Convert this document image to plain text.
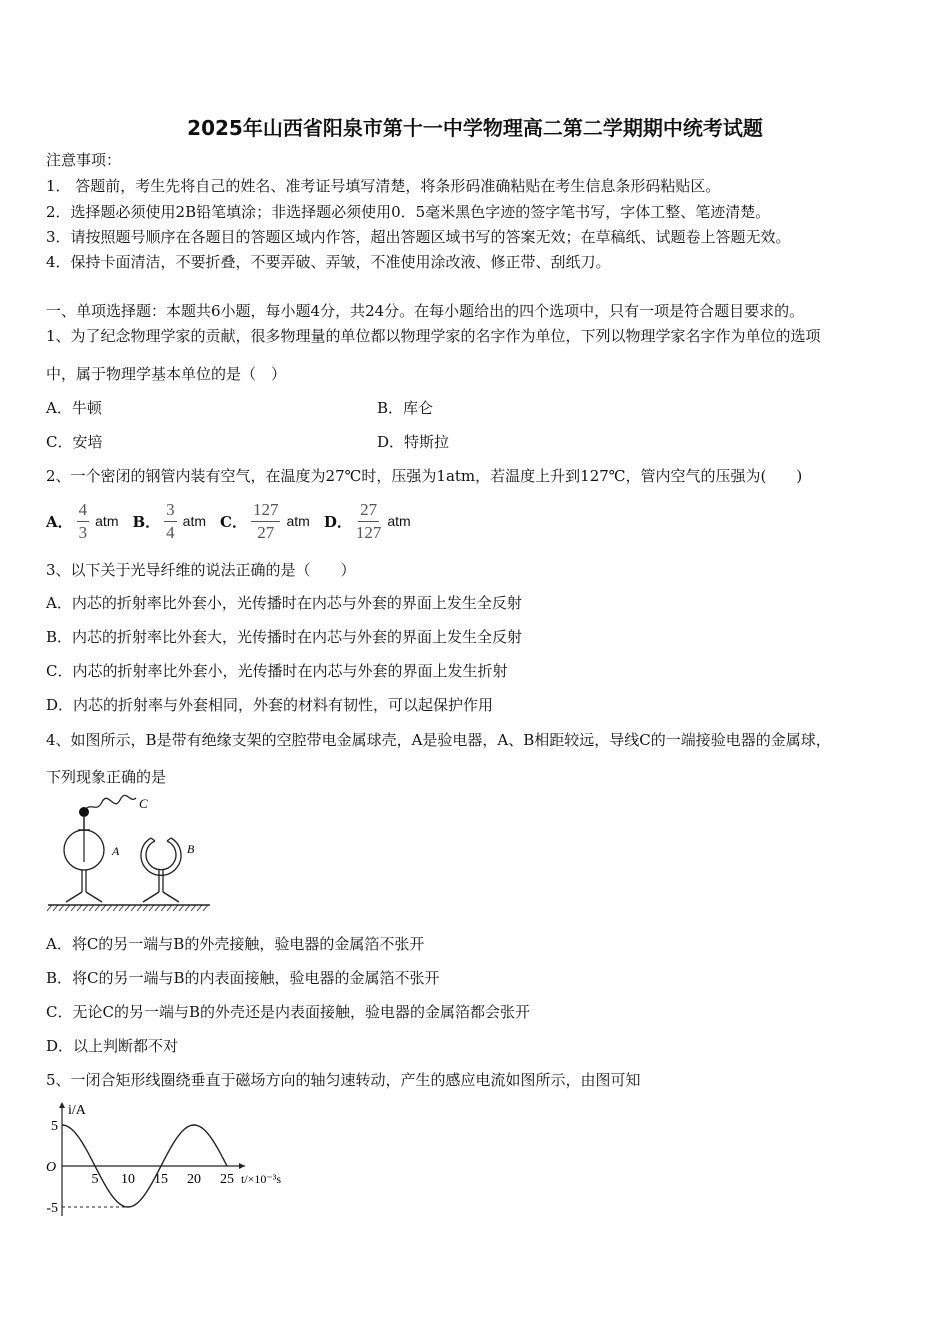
2025年山西省阳泉市第十一中学物理高二第二学期期中统考试题
注意事项：
1． 答题前，考生先将自己的姓名、准考证号填写清楚，将条形码准确粘贴在考生信息条形码粘贴区。
2．选择题必须使用2B铅笔填涂；非选择题必须使用0．5毫米黑色字迹的签字笔书写，字体工整、笔迹清楚。
3．请按照题号顺序在各题目的答题区域内作答，超出答题区域书写的答案无效；在草稿纸、试题卷上答题无效。
4．保持卡面清洁，不要折叠，不要弄破、弄皱，不准使用涂改液、修正带、刮纸刀。
一、单项选择题：本题共6小题，每小题4分，共24分。在每小题给出的四个选项中，只有一项是符合题目要求的。
1、为了纪念物理学家的贡献，很多物理量的单位都以物理学家的名字作为单位，下列以物理学家名字作为单位的选项
中，属于物理学基本单位的是（　）
A．牛顿	B．库仑
C．安培	D．特斯拉
2、一个密闭的钢管内装有空气，在温度为27℃时，压强为1atm，若温度上升到127℃，管内空气的压强为(　　)
A． $\frac{4}{3}$ atm B． $\frac{3}{4}$ atm C． $\frac{127}{27}$ atm D． $\frac{27}{127}$ atm
3、以下关于光导纤维的说法正确的是（　　）
A．内芯的折射率比外套小，光传播时在内芯与外套的界面上发生全反射
B．内芯的折射率比外套大，光传播时在内芯与外套的界面上发生全反射
C．内芯的折射率比外套小，光传播时在内芯与外套的界面上发生折射
D．内芯的折射率与外套相同，外套的材料有韧性，可以起保护作用
4、如图所示，B是带有绝缘支架的空腔带电金属球壳，A是验电器，A、B相距较远，导线C的一端接验电器的金属球，
下列现象正确的是
C
A	B
A．将C的另一端与B的外壳接触，验电器的金属箔不张开
B．将C的另一端与B的内表面接触，验电器的金属箔不张开
C．无论C的另一端与B的外壳还是内表面接触，验电器的金属箔都会张开
D．以上判断都不对
5、一闭合矩形线圈绕垂直于磁场方向的轴匀速转动，产生的感应电流如图所示，由图可知
i/A
t/×10⁻³s
O
5
-5
5 10 15 20 25
